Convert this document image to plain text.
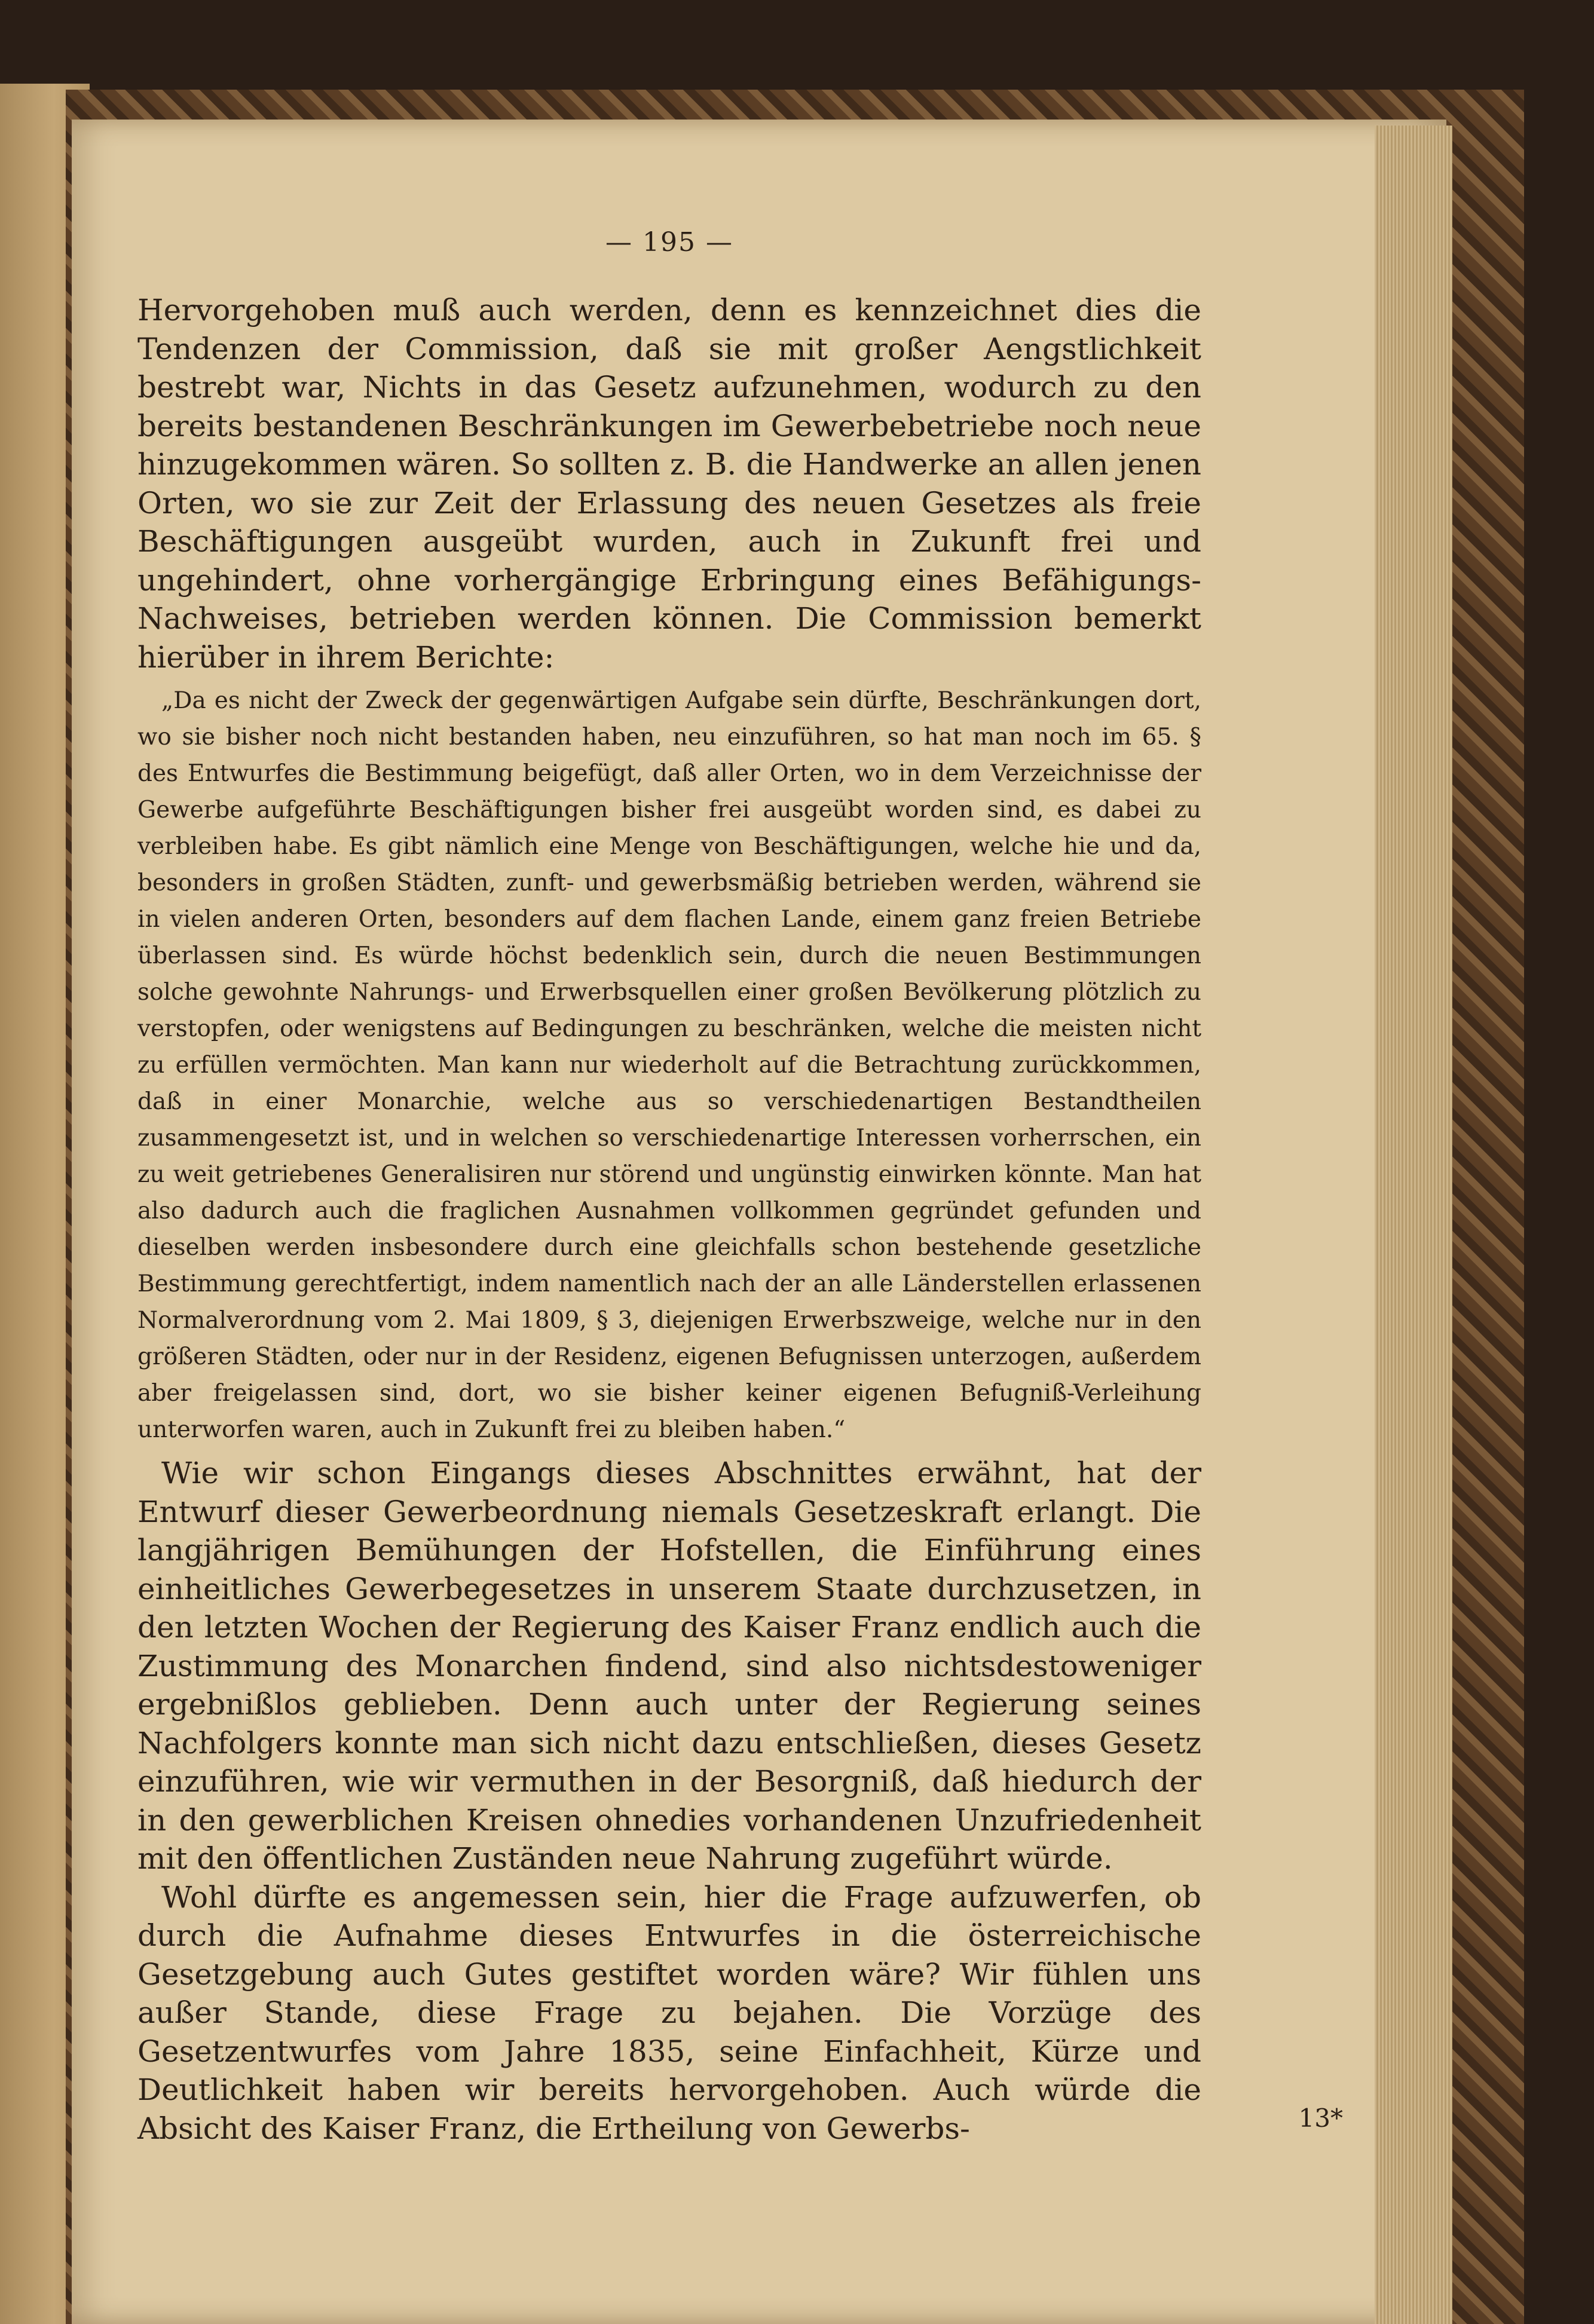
— 195 —

Hervorgehoben muß auch werden, denn es kennzeichnet dies die Tendenzen der Commission, daß sie mit großer Aengstlichkeit bestrebt war, Nichts in das Gesetz aufzunehmen, wodurch zu den bereits bestandenen Beschränkungen im Gewerbebetriebe noch neue hinzugekommen wären. So sollten z. B. die Handwerke an allen jenen Orten, wo sie zur Zeit der Erlassung des neuen Gesetzes als freie Beschäftigungen ausgeübt wurden, auch in Zukunft frei und ungehindert, ohne vorhergängige Erbringung eines Befähigungs-Nachweises, betrieben werden können. Die Commission bemerkt hierüber in ihrem Berichte:

„Da es nicht der Zweck der gegenwärtigen Aufgabe sein dürfte, Beschränkungen dort, wo sie bisher noch nicht bestanden haben, neu einzuführen, so hat man noch im 65. § des Entwurfes die Bestimmung beigefügt, daß aller Orten, wo in dem Verzeichnisse der Gewerbe aufgeführte Beschäftigungen bisher frei ausgeübt worden sind, es dabei zu verbleiben habe. Es gibt nämlich eine Menge von Beschäftigungen, welche hie und da, besonders in großen Städten, zunft- und gewerbsmäßig betrieben werden, während sie in vielen anderen Orten, besonders auf dem flachen Lande, einem ganz freien Betriebe überlassen sind. Es würde höchst bedenklich sein, durch die neuen Bestimmungen solche gewohnte Nahrungs- und Erwerbsquellen einer großen Bevölkerung plötzlich zu verstopfen, oder wenigstens auf Bedingungen zu beschränken, welche die meisten nicht zu erfüllen vermöchten. Man kann nur wiederholt auf die Betrachtung zurückkommen, daß in einer Monarchie, welche aus so verschiedenartigen Bestandtheilen zusammengesetzt ist, und in welchen so verschiedenartige Interessen vorherrschen, ein zu weit getriebenes Generalisiren nur störend und ungünstig einwirken könnte. Man hat also dadurch auch die fraglichen Ausnahmen vollkommen gegründet gefunden und dieselben werden insbesondere durch eine gleichfalls schon bestehende gesetzliche Bestimmung gerechtfertigt, indem namentlich nach der an alle Länderstellen erlassenen Normalverordnung vom 2. Mai 1809, § 3, diejenigen Erwerbszweige, welche nur in den größeren Städten, oder nur in der Residenz, eigenen Befugnissen unterzogen, außerdem aber freigelassen sind, dort, wo sie bisher keiner eigenen Befugniß-Verleihung unterworfen waren, auch in Zukunft frei zu bleiben haben.“

Wie wir schon Eingangs dieses Abschnittes erwähnt, hat der Entwurf dieser Gewerbeordnung niemals Gesetzeskraft erlangt. Die langjährigen Bemühungen der Hofstellen, die Einführung eines einheitliches Gewerbegesetzes in unserem Staate durchzusetzen, in den letzten Wochen der Regierung des Kaiser Franz endlich auch die Zustimmung des Monarchen findend, sind also nichtsdestoweniger ergebnißlos geblieben. Denn auch unter der Regierung seines Nachfolgers konnte man sich nicht dazu entschließen, dieses Gesetz einzuführen, wie wir vermuthen in der Besorgniß, daß hiedurch der in den gewerblichen Kreisen ohnedies vorhandenen Unzufriedenheit mit den öffentlichen Zuständen neue Nahrung zugeführt würde.

Wohl dürfte es angemessen sein, hier die Frage aufzuwerfen, ob durch die Aufnahme dieses Entwurfes in die österreichische Gesetzgebung auch Gutes gestiftet worden wäre? Wir fühlen uns außer Stande, diese Frage zu bejahen. Die Vorzüge des Gesetzentwurfes vom Jahre 1835, seine Einfachheit, Kürze und Deutlichkeit haben wir bereits hervorgehoben. Auch würde die Absicht des Kaiser Franz, die Ertheilung von Gewerbs-	13*
